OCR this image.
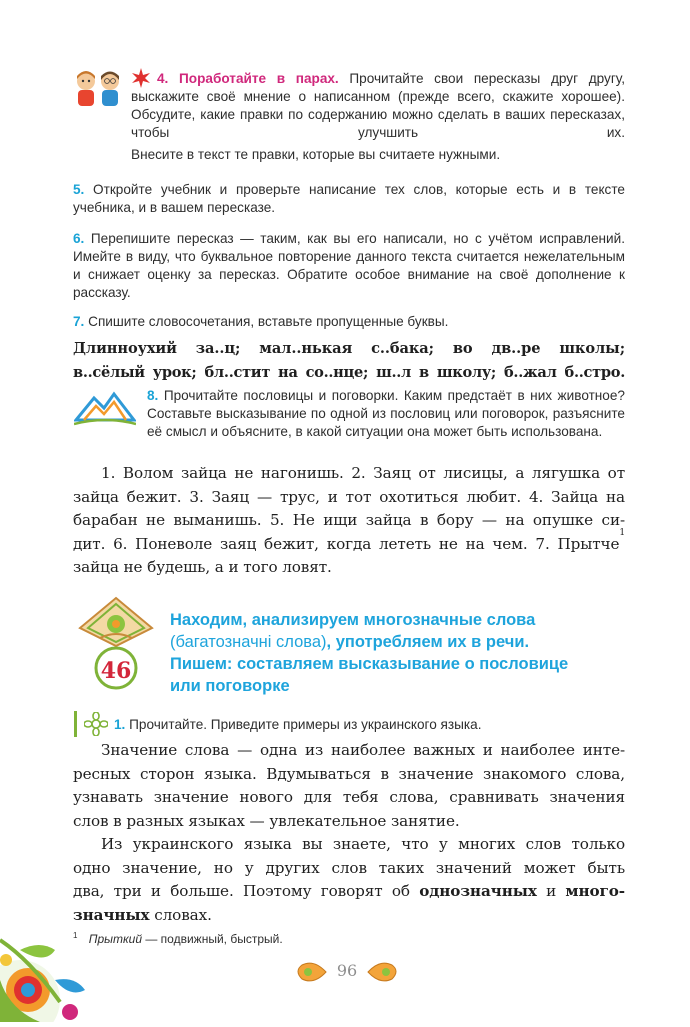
4. Поработайте в парах. Прочитайте свои пересказы друг другу, выскажите своё мнение о написанном (прежде всего, скажите хорошее). Обсудите, какие правки по содержанию можно сделать в ваших пересказах, чтобы улучшить их.

Внесите в текст те правки, которые вы считаете нужными.

5. Откройте учебник и проверьте написание тех слов, которые есть и в тексте учебника, и в вашем пересказе.
6. Перепишите пересказ — таким, как вы его написали, но с учётом исправлений. Имейте в виду, что буквальное повторение данного текста считается нежелательным и снижает оценку за пересказ. Обратите особое внимание на своё дополнение к рассказу.
7. Спишите словосочетания, вставьте пропущенные буквы.
Длинноухий за..ц; мал..нькая с..бака; во дв..ре школы;
в..сёлый урок; бл..стит на со..нце; ш..л в школу; б..жал б..стро.
8. Прочитайте пословицы и поговорки. Каким предстаёт в них животное? Составьте высказывание по одной из пословиц или поговорок, разъясните её смысл и объясните, в какой ситуации она может быть использована.
1. Волом зайца не нагонишь. 2. Заяц от лисицы, а лягушка от
зайца бежит. 3. Заяц — трус, и тот охотиться любит. 4. Зайца на
барабан не выманишь. 5. Не ищи зайца в бору — на опушке си-
дит. 6. Поневоле заяц бежит, когда лететь не на чем. 7. Прытче
1
зайца не будешь, а и того ловят.
46
Находим, анализируем многозначные слова
(багатозначні слова), употребляем их в речи.
Пишем: составляем высказывание о пословице
или поговорке
1. Прочитайте. Приведите примеры из украинского языка.
Значение слова — одна из наиболее важных и наиболее инте-
ресных сторон языка. Вдумываться в значение знакомого слова,
узнавать значение нового для тебя слова, сравнивать значения
слов в разных языках — увлекательное занятие.
Из украинского языка вы знаете, что у многих слов только
одно значение, но у других слов таких значений может быть
два, три и больше. Поэтому говорят об однозначных и много-
значных словах.
$^1$ Прыткий — подвижный, быстрый.
96
